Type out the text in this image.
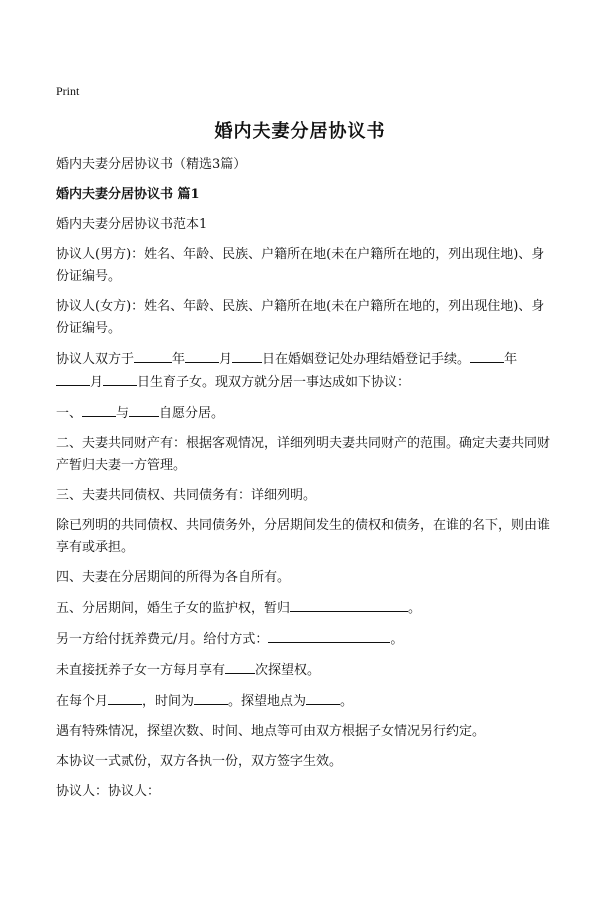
Print
婚内夫妻分居协议书

婚内夫妻分居协议书（精选3篇）

婚内夫妻分居协议书 篇1

婚内夫妻分居协议书范本1

协议人(男方)：姓名、年龄、民族、户籍所在地(未在户籍所在地的，列出现住地)、身份证编号。

协议人(女方)：姓名、年龄、民族、户籍所在地(未在户籍所在地的，列出现住地)、身份证编号。

协议人双方于	年	月 日在婚姻登记处办理结婚登记手续。	年月	日生育子女。现双方就分居一事达成如下协议：

一、	与 自愿分居。

二、夫妻共同财产有：根据客观情况，详细列明夫妻共同财产的范围。确定夫妻共同财产暂归夫妻一方管理。

三、夫妻共同债权、共同债务有：详细列明。

除已列明的共同债权、共同债务外，分居期间发生的债权和债务，在谁的名下，则由谁享有或承担。

四、夫妻在分居期间的所得为各自所有。

五、分居期间，婚生子女的监护权，暂归	。

另一方给付抚养费元/月。给付方式：	。

未直接抚养子女一方每月享有 次探望权。

在每个月	，时间为	。探望地点为	。

遇有特殊情况，探望次数、时间、地点等可由双方根据子女情况另行约定。

本协议一式贰份，双方各执一份，双方签字生效。

协议人：协议人：
